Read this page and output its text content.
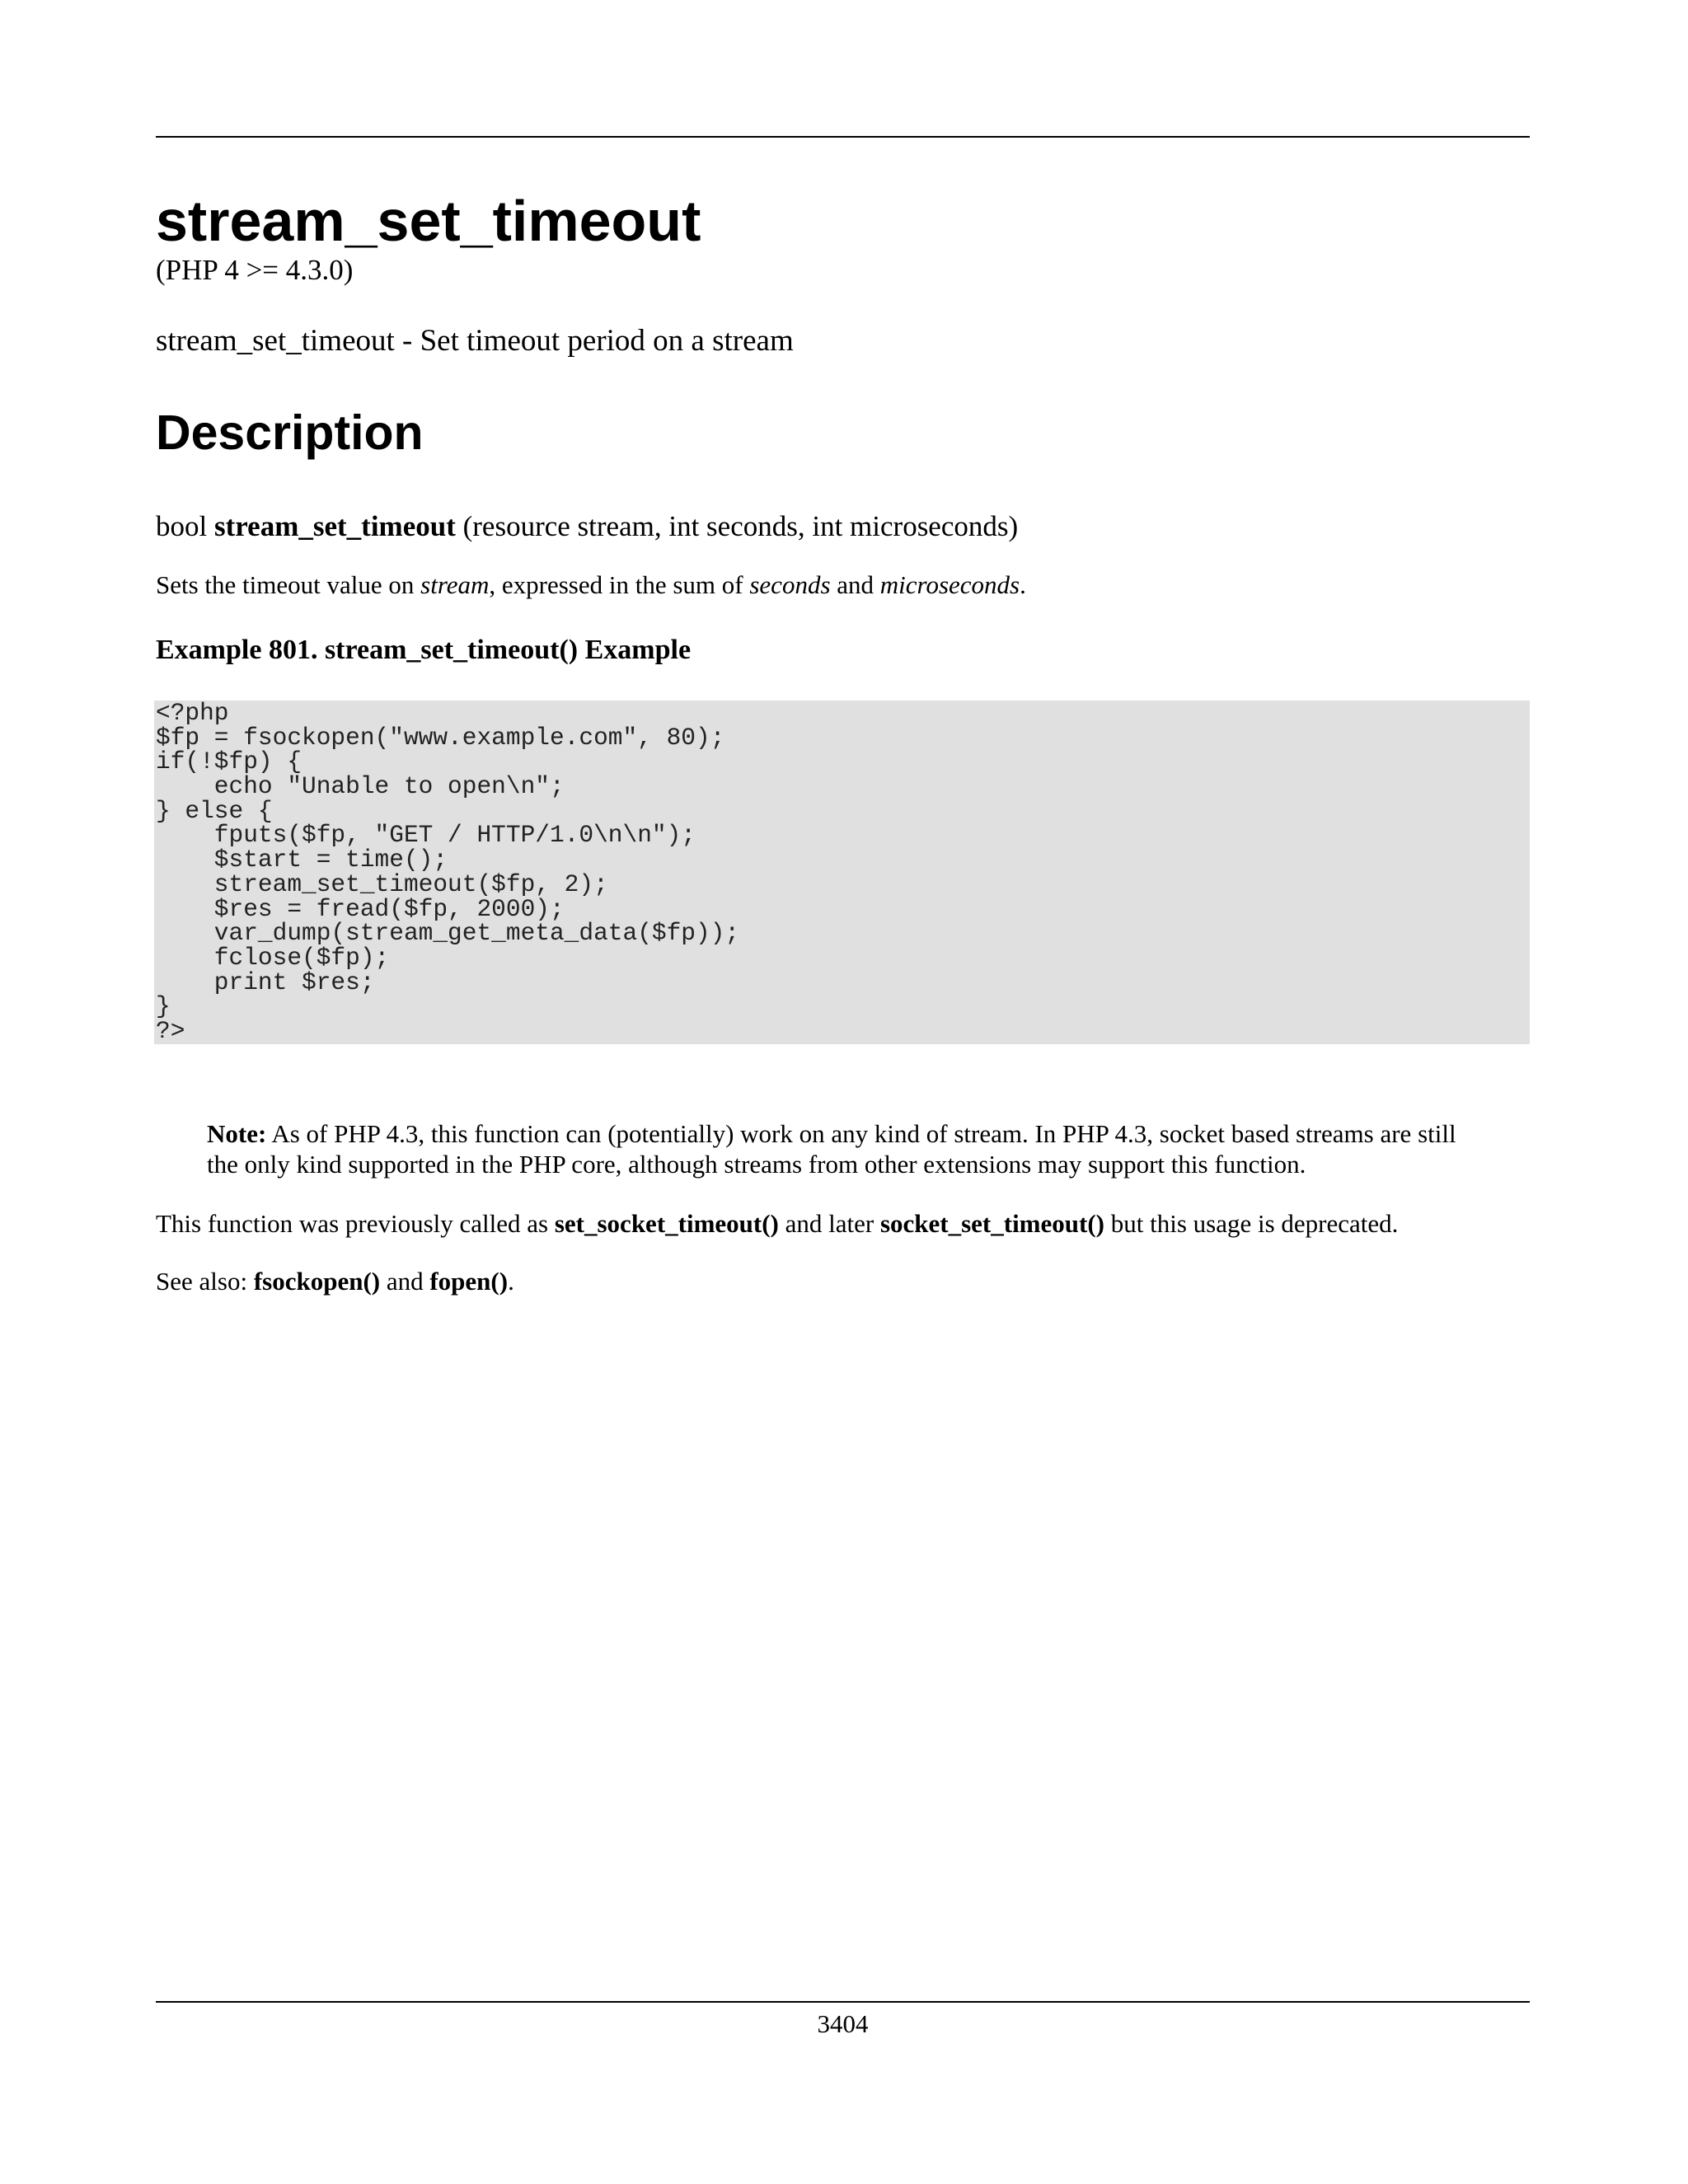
stream_set_timeout
(PHP 4 >= 4.3.0)
stream_set_timeout - Set timeout period on a stream
Description
bool stream_set_timeout (resource stream, int seconds, int microseconds)
Sets the timeout value on stream, expressed in the sum of seconds and microseconds.
Example 801. stream_set_timeout() Example
<?php
$fp = fsockopen("www.example.com", 80);
if(!$fp) {
echo "Unable to open\n";
} else {
fputs($fp, "GET / HTTP/1.0\n\n");
$start = time();
stream_set_timeout($fp, 2);
$res = fread($fp, 2000);
var_dump(stream_get_meta_data($fp));
fclose($fp);
print $res;
}
?>
Note: As of PHP 4.3, this function can (potentially) work on any kind of stream. In PHP 4.3, socket based streams are still the only kind supported in the PHP core, although streams from other extensions may support this function.
This function was previously called as set_socket_timeout() and later socket_set_timeout() but this usage is deprecated.
See also: fsockopen() and fopen().
3404
